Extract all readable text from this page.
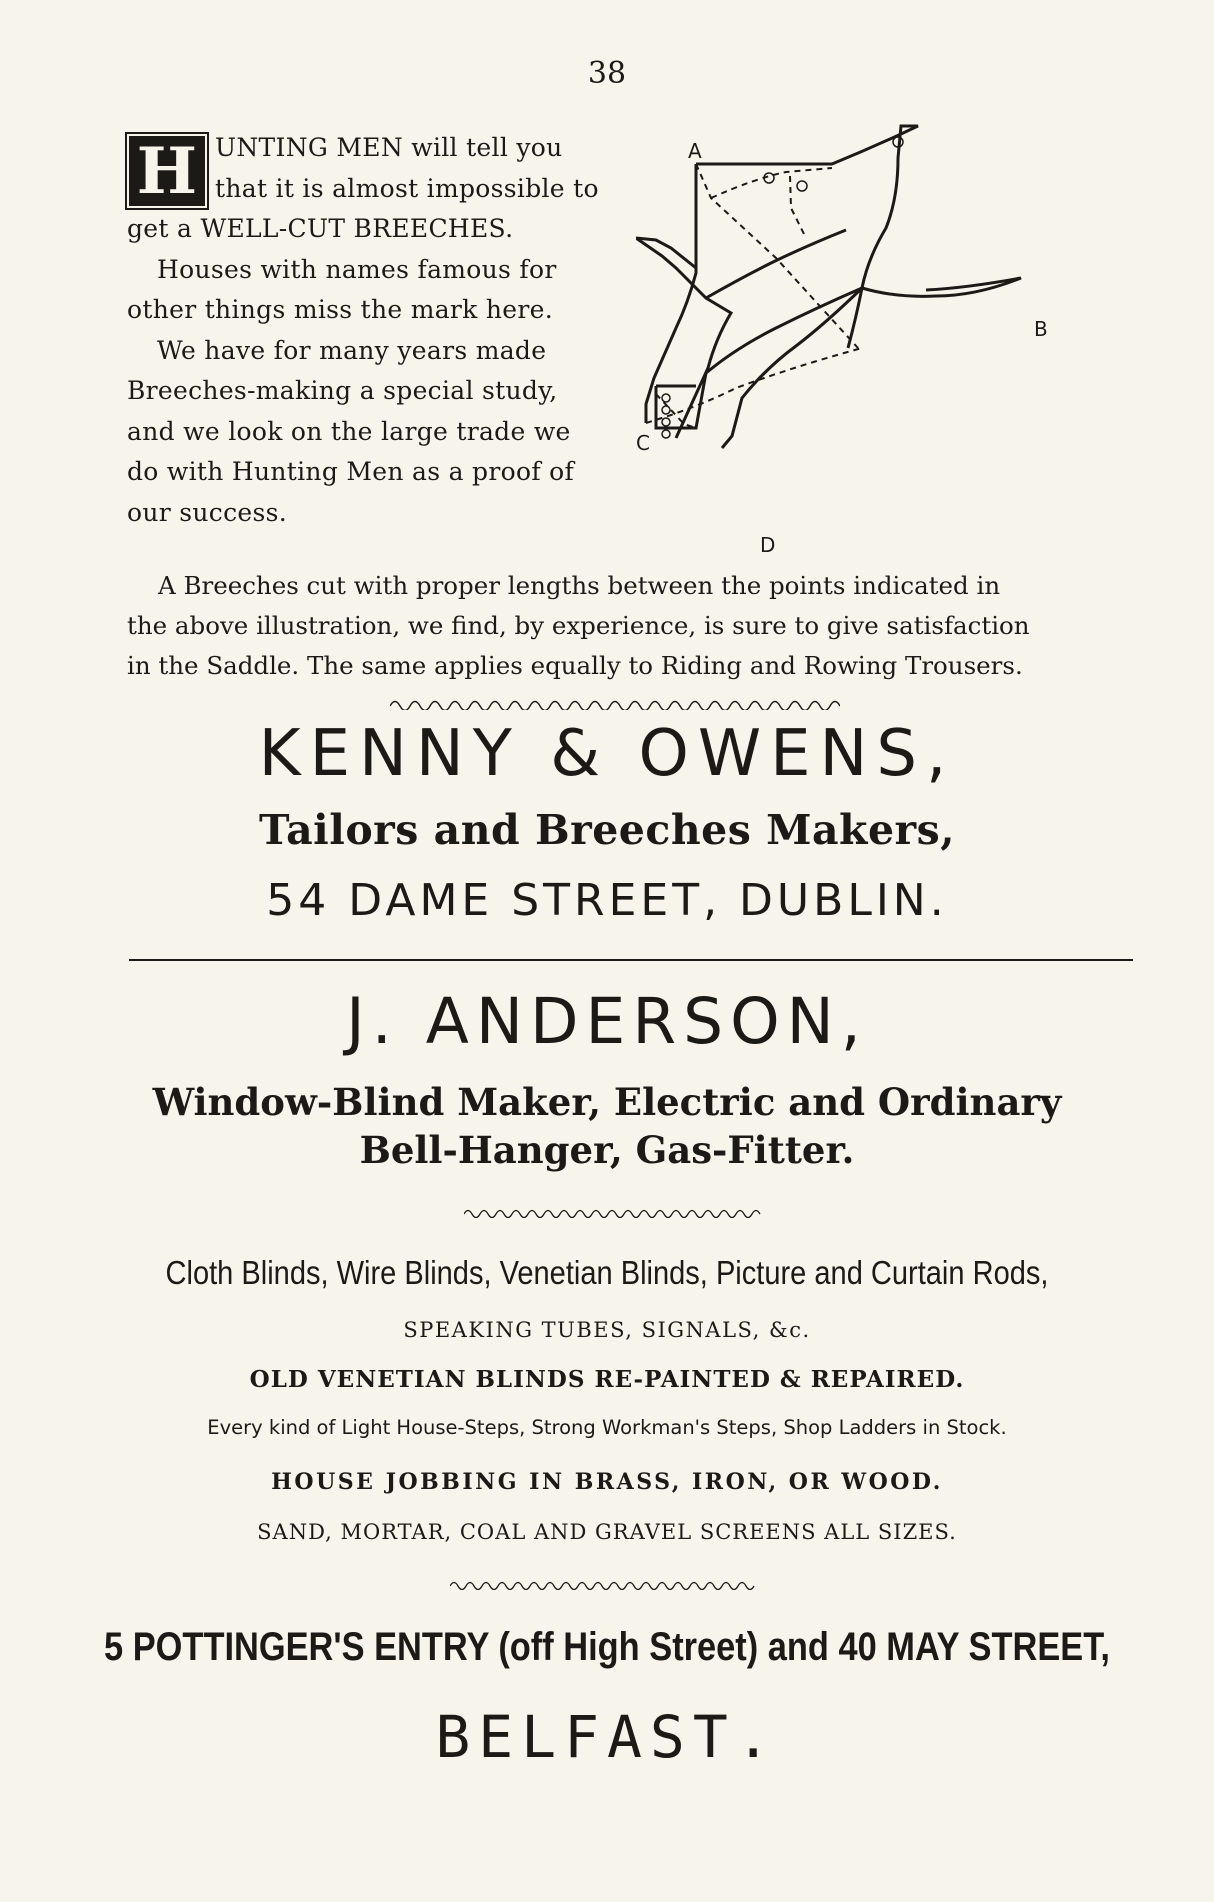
38
H UNTING MEN will tell you

that it is almost impossible to

get a WELL-CUT BREECHES.

Houses with names famous for

other things miss the mark here.

We have for many years made

Breeches-making a special study,

and we look on the large trade we

do with Hunting Men as a proof of

our success.

A
B
C
D

A Breeches cut with proper lengths between the points indicated in

the above illustration, we find, by experience, is sure to give satisfaction

in the Saddle. The same applies equally to Riding and Rowing Trousers.

KENNY & OWENS,
Tailors and Breeches Makers,
54 DAME STREET, DUBLIN.
J. ANDERSON,
Window-Blind Maker, Electric and Ordinary
Bell-Hanger, Gas-Fitter.
Cloth Blinds, Wire Blinds, Venetian Blinds, Picture and Curtain Rods,
SPEAKING TUBES, SIGNALS, &c.
OLD VENETIAN BLINDS RE-PAINTED & REPAIRED.
Every kind of Light House-Steps, Strong Workman's Steps, Shop Ladders in Stock.
HOUSE JOBBING IN BRASS, IRON, OR WOOD.
SAND, MORTAR, COAL AND GRAVEL SCREENS ALL SIZES.
5 POTTINGER'S ENTRY (off High Street) and 40 MAY STREET,
BELFAST.
